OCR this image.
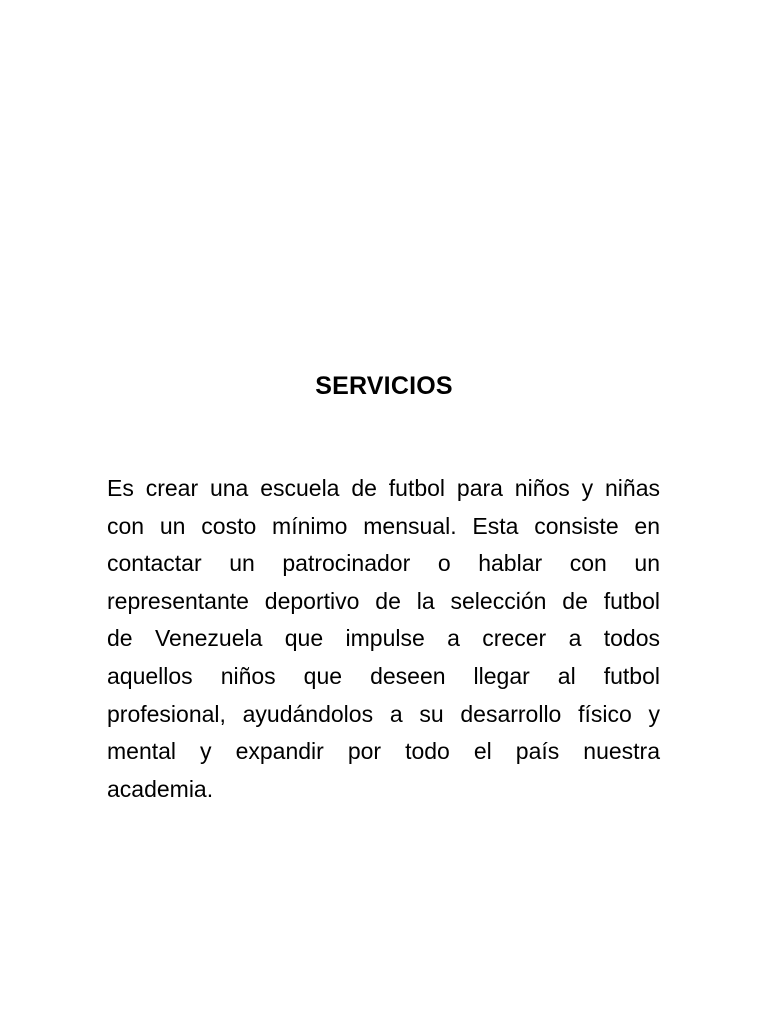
SERVICIOS
Es crear una escuela de futbol para niños y niñas
con un costo mínimo mensual. Esta consiste en
contactar un patrocinador o hablar con un
representante deportivo de la selección de futbol
de Venezuela que impulse a crecer a todos
aquellos niños que deseen llegar al futbol
profesional, ayudándolos a su desarrollo físico y
mental y expandir por todo el país nuestra
academia.
